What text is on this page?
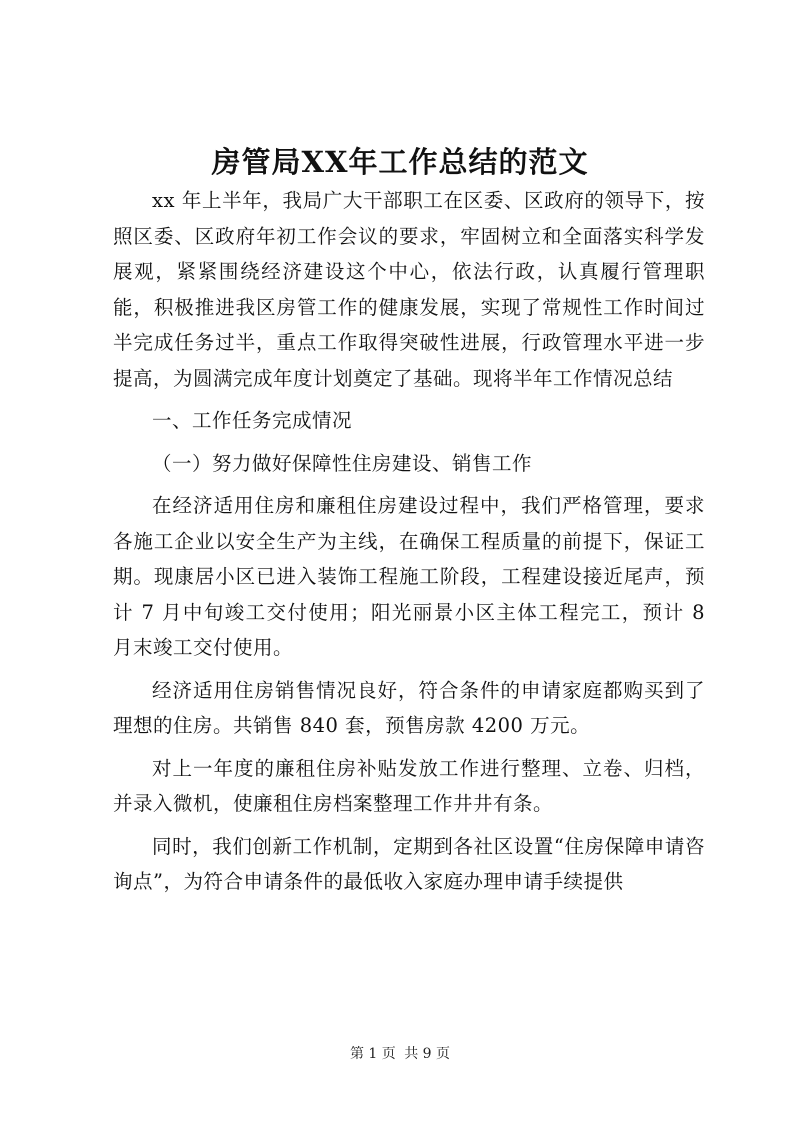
房管局XX年工作总结的范文

xx 年上半年，我局广大干部职工在区委、区政府的领导下，按照区委、区政府年初工作会议的要求，牢固树立和全面落实科学发展观，紧紧围绕经济建设这个中心，依法行政，认真履行管理职能，积极推进我区房管工作的健康发展，实现了常规性工作时间过半完成任务过半，重点工作取得突破性进展，行政管理水平进一步提高，为圆满完成年度计划奠定了基础。现将半年工作情况总结

一、工作任务完成情况

（一）努力做好保障性住房建设、销售工作

在经济适用住房和廉租住房建设过程中，我们严格管理，要求各施工企业以安全生产为主线，在确保工程质量的前提下，保证工期。现康居小区已进入装饰工程施工阶段，工程建设接近尾声，预计 7 月中旬竣工交付使用；阳光丽景小区主体工程完工，预计 8 月末竣工交付使用。

经济适用住房销售情况良好，符合条件的申请家庭都购买到了理想的住房。共销售 840 套，预售房款 4200 万元。

对上一年度的廉租住房补贴发放工作进行整理、立卷、归档，并录入微机，使廉租住房档案整理工作井井有条。

同时，我们创新工作机制，定期到各社区设置“住房保障申请咨询点”，为符合申请条件的最低收入家庭办理申请手续提供

第 1 页 共 9 页
